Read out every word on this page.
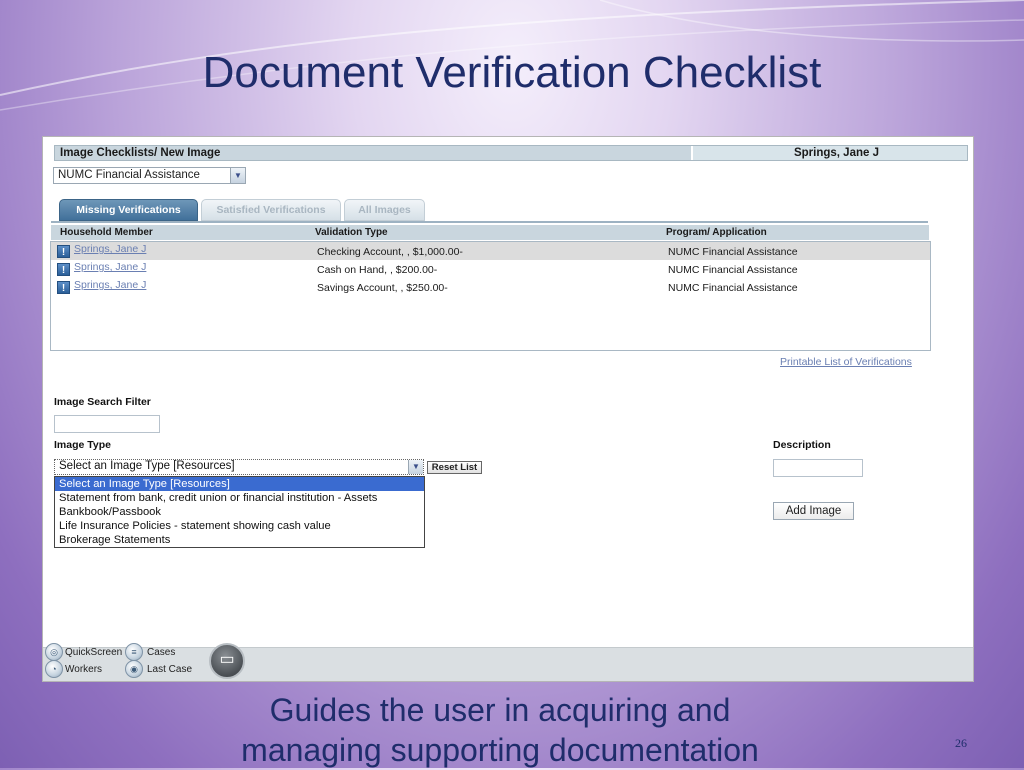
Document Verification Checklist
Image Checklists/ New Image	Springs, Jane J
NUMC Financial Assistance	▼
Missing Verifications	Satisfied Verifications	All Images
Household Member	Validation Type	Program/ Application
! Springs, Jane J	Checking Account, , $1,000.00-	NUMC Financial Assistance
! Springs, Jane J	Cash on Hand, , $200.00-	NUMC Financial Assistance
! Springs, Jane J	Savings Account, , $250.00-	NUMC Financial Assistance
Printable List of Verifications
Image Search Filter
Image Type	Description
Select an Image Type [Resources]	▼	Reset List
Select an Image Type [Resources]
Statement from bank, credit union or financial institution - Assets
Bankbook/Passbook
Life Insurance Policies - statement showing cash value
Brokerage Statements
Add Image
◎ QuickScreen	≡	Cases
◔ Workers	◉ Last Case
▭

Guides the user in acquiring and
managing supporting documentation	26
